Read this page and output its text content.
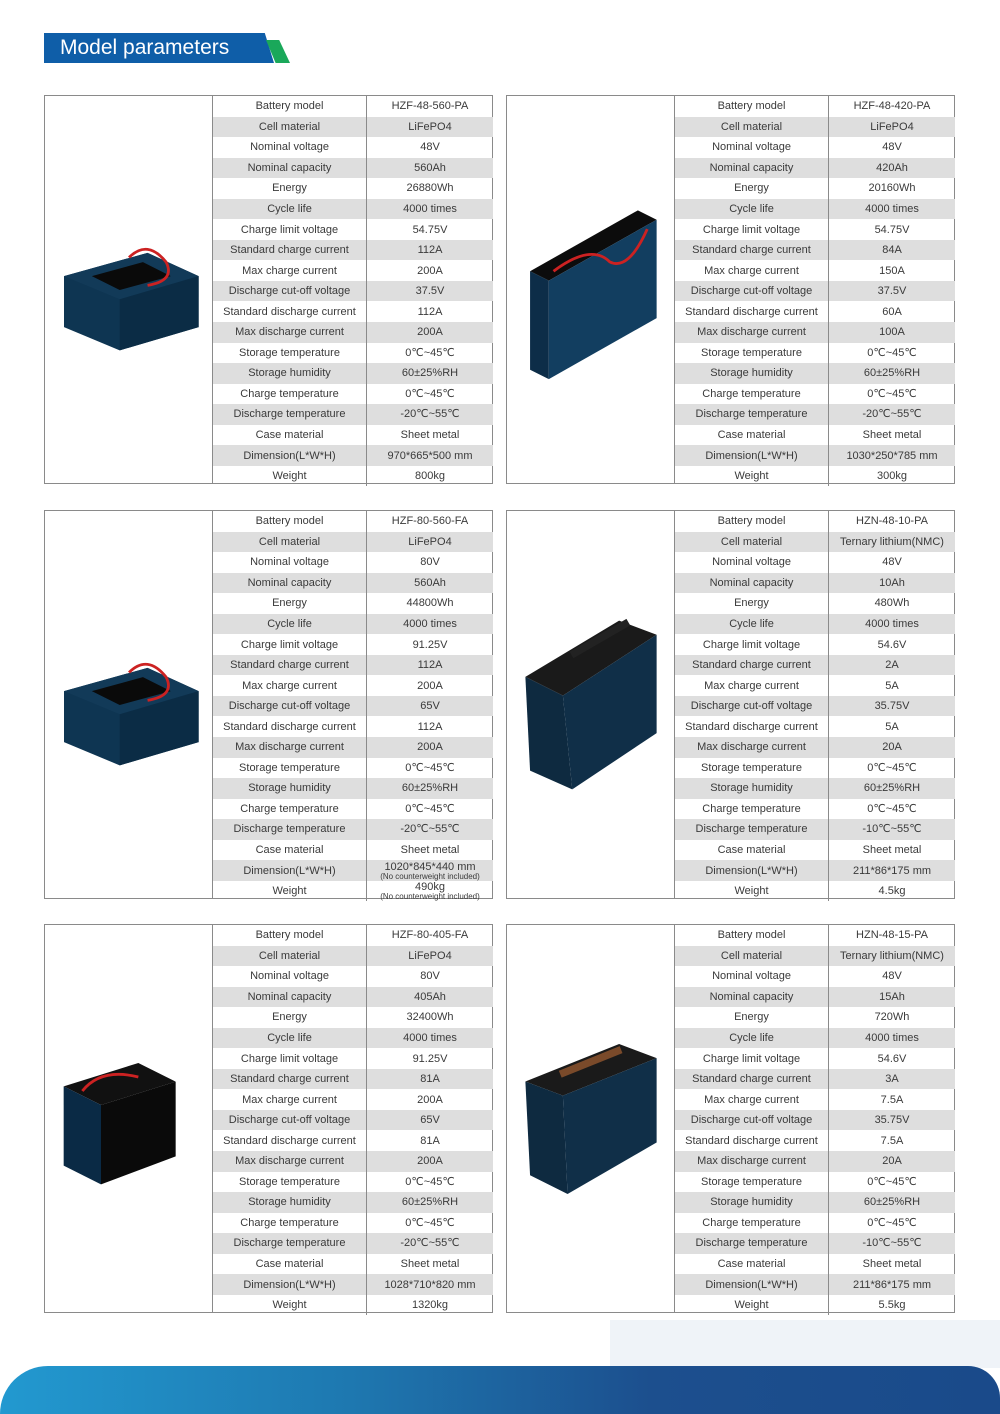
Model parameters
Battery model	HZF-48-560-PA
Cell material	LiFePO4
Nominal voltage	48V
Nominal capacity	560Ah
Energy	26880Wh
Cycle life	4000 times
Charge limit voltage	54.75V
Standard charge current	112A
Max charge current	200A
Discharge cut-off voltage	37.5V
Standard discharge current	112A
Max discharge current	200A
Storage temperature	0℃~45℃
Storage humidity	60±25%RH
Charge temperature	0℃~45℃
Discharge temperature	-20℃~55℃
Case material	Sheet metal
Dimension(L*W*H)	970*665*500 mm
Weight	800kg
Battery model	HZF-48-420-PA
Cell material	LiFePO4
Nominal voltage	48V
Nominal capacity	420Ah
Energy	20160Wh
Cycle life	4000 times
Charge limit voltage	54.75V
Standard charge current	84A
Max charge current	150A
Discharge cut-off voltage	37.5V
Standard discharge current	60A
Max discharge current	100A
Storage temperature	0℃~45℃
Storage humidity	60±25%RH
Charge temperature	0℃~45℃
Discharge temperature	-20℃~55℃
Case material	Sheet metal
Dimension(L*W*H)	1030*250*785 mm
Weight	300kg
Battery model	HZF-80-560-FA
Cell material	LiFePO4
Nominal voltage	80V
Nominal capacity	560Ah
Energy	44800Wh
Cycle life	4000 times
Charge limit voltage	91.25V
Standard charge current	112A
Max charge current	200A
Discharge cut-off voltage	65V
Standard discharge current	112A
Max discharge current	200A
Storage temperature	0℃~45℃
Storage humidity	60±25%RH
Charge temperature	0℃~45℃
Discharge temperature	-20℃~55℃
Case material	Sheet metal
Dimension(L*W*H)	1020*845*440 mm
(No counterweight included)

Weight	490kg
(No counterweight included)
Battery model	HZN-48-10-PA
Cell material	Ternary lithium(NMC)
Nominal voltage	48V
Nominal capacity	10Ah
Energy	480Wh
Cycle life	4000 times
Charge limit voltage	54.6V
Standard charge current	2A
Max charge current	5A
Discharge cut-off voltage	35.75V
Standard discharge current	5A
Max discharge current	20A
Storage temperature	0℃~45℃
Storage humidity	60±25%RH
Charge temperature	0℃~45℃
Discharge temperature	-10℃~55℃
Case material	Sheet metal
Dimension(L*W*H)	211*86*175 mm
Weight	4.5kg
Battery model	HZF-80-405-FA
Cell material	LiFePO4
Nominal voltage	80V
Nominal capacity	405Ah
Energy	32400Wh
Cycle life	4000 times
Charge limit voltage	91.25V
Standard charge current	81A
Max charge current	200A
Discharge cut-off voltage	65V
Standard discharge current	81A
Max discharge current	200A
Storage temperature	0℃~45℃
Storage humidity	60±25%RH
Charge temperature	0℃~45℃
Discharge temperature	-20℃~55℃
Case material	Sheet metal
Dimension(L*W*H)	1028*710*820 mm
Weight	1320kg
Battery model	HZN-48-15-PA
Cell material	Ternary lithium(NMC)
Nominal voltage	48V
Nominal capacity	15Ah
Energy	720Wh
Cycle life	4000 times
Charge limit voltage	54.6V
Standard charge current	3A
Max charge current	7.5A
Discharge cut-off voltage	35.75V
Standard discharge current	7.5A
Max discharge current	20A
Storage temperature	0℃~45℃
Storage humidity	60±25%RH
Charge temperature	0℃~45℃
Discharge temperature	-10℃~55℃
Case material	Sheet metal
Dimension(L*W*H)	211*86*175 mm
Weight	5.5kg
